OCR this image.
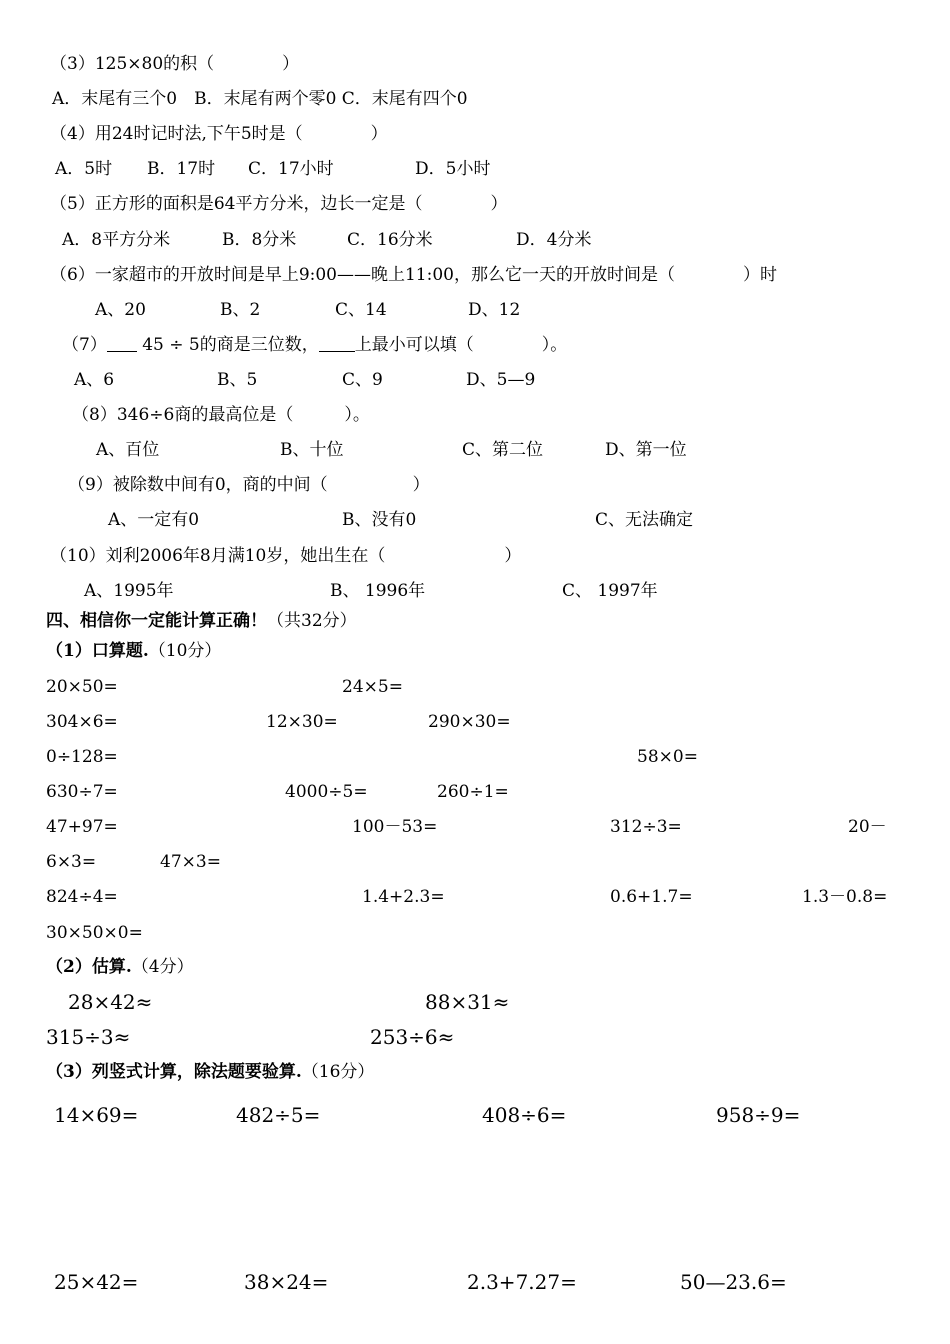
（3）125×80的积（　　　　）
A．末尾有三个0　B．末尾有两个零0 C．末尾有四个0
（4）用24时记时法,下午5时是（　　　　）
A．5时 B．17时 C．17小时	D．5小时
（5）正方形的面积是64平方分米，边长一定是（　　　　）
A．8平方分米	B．8分米	C．16分米	D．4分米
（6）一家超市的开放时间是早上9:00——晚上11:00，那么它一天的开放时间是（　　　　）时
A、20	B、2	C、14	D、12
（7） 45 ÷ 5的商是三位数， 上最小可以填（　　　　）。
A、6	B、5	C、9	D、5—9
（8）346÷6商的最高位是（　　　）。
A、百位	B、十位	C、第二位	D、第一位
（9）被除数中间有0，商的中间（　　　　　）
A、一定有0	B、没有0	C、无法确定
（10）刘利2006年8月满10岁，她出生在（　　　　　　　）
A、1995年	B、 1996年	C、 1997年
四、相信你一定能计算正确！（共32分）
（1）口算题.（10分）
20×50=	24×5=
304×6=	12×30=	290×30=
0÷128=	58×0=
630÷7=	4000÷5=	260÷1=
47+97=	100－53=	312÷3=	20－
6×3=	47×3=
824÷4=	1.4+2.3=	0.6+1.7=	1.3－0.8=
30×50×0=
（2）估算.（4分）
28×42≈	88×31≈
315÷3≈	253÷6≈
（3）列竖式计算，除法题要验算.（16分）
14×69=	482÷5=	408÷6=	958÷9=
25×42=	38×24=	2.3+7.27=	50—23.6=
